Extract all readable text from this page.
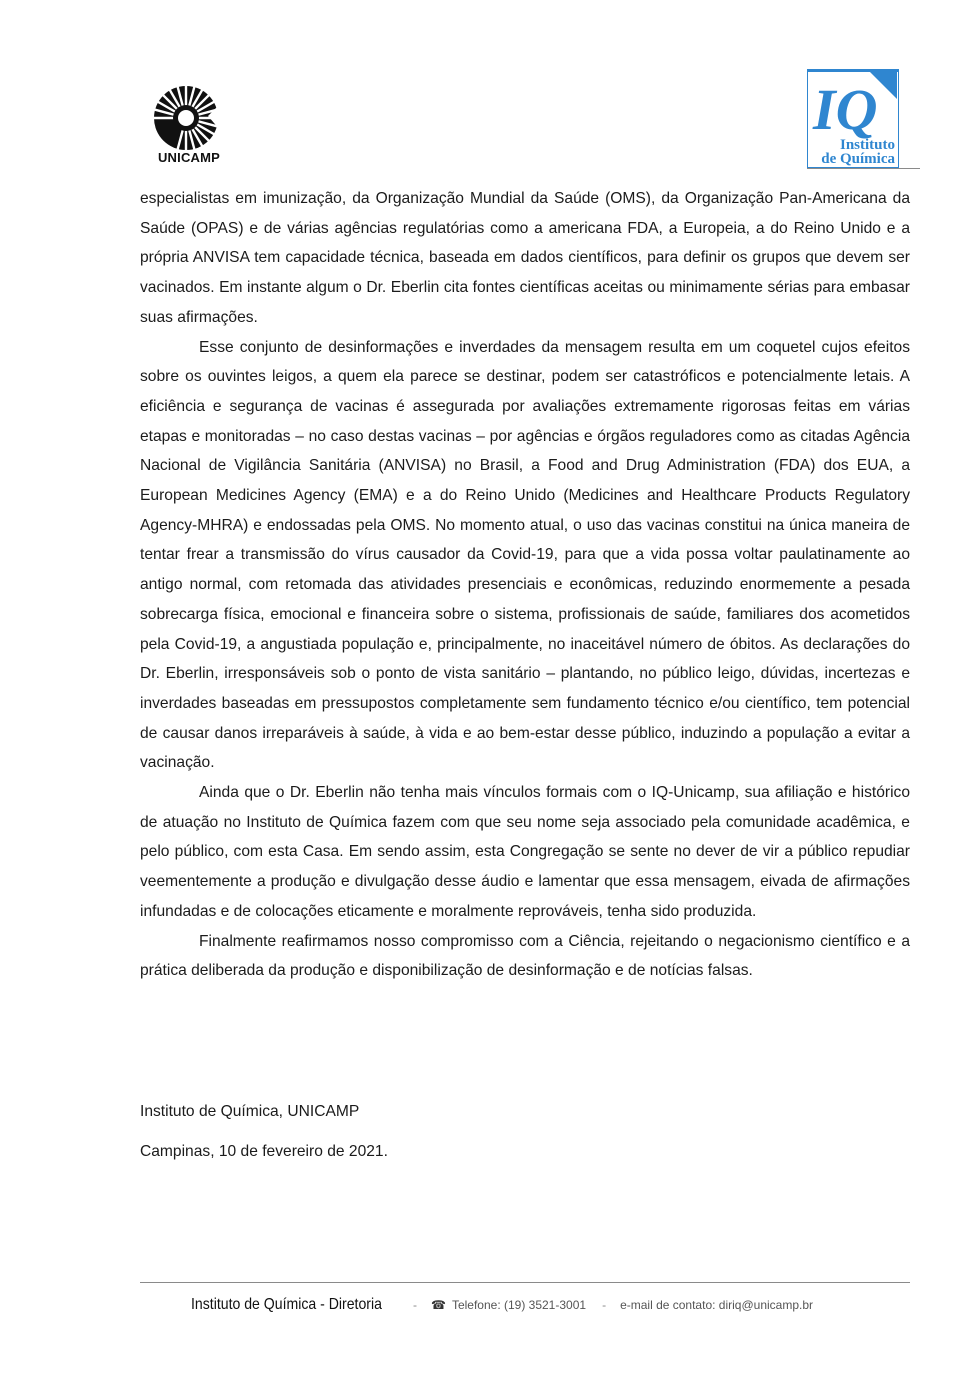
UNICAMP
IQ
Instituto
de Química

especialistas em imunização, da Organização Mundial da Saúde (OMS), da Organização Pan-Americana da Saúde (OPAS) e de várias agências regulatórias como a americana FDA, a Europeia, a do Reino Unido e a própria ANVISA tem capacidade técnica, baseada em dados científicos, para definir os grupos que devem ser vacinados. Em instante algum o Dr. Eberlin cita fontes científicas aceitas ou minimamente sérias para embasar suas afirmações.

Esse conjunto de desinformações e inverdades da mensagem resulta em um coquetel cujos efeitos sobre os ouvintes leigos, a quem ela parece se destinar, podem ser catastróficos e potencialmente letais. A eficiência e segurança de vacinas é assegurada por avaliações extremamente rigorosas feitas em várias etapas e monitoradas – no caso destas vacinas – por agências e órgãos reguladores como as citadas Agência Nacional de Vigilância Sanitária (ANVISA) no Brasil, a Food and Drug Administration (FDA) dos EUA, a European Medicines Agency (EMA) e a do Reino Unido (Medicines and Healthcare Products Regulatory Agency-MHRA) e endossadas pela OMS. No momento atual, o uso das vacinas constitui na única maneira de tentar frear a transmissão do vírus causador da Covid-19, para que a vida possa voltar paulatinamente ao antigo normal, com retomada das atividades presenciais e econômicas, reduzindo enormemente a pesada sobrecarga física, emocional e financeira sobre o sistema, profissionais de saúde, familiares dos acometidos pela Covid-19, a angustiada população e, principalmente, no inaceitável número de óbitos. As declarações do Dr. Eberlin, irresponsáveis sob o ponto de vista sanitário – plantando, no público leigo, dúvidas, incertezas e inverdades baseadas em pressupostos completamente sem fundamento técnico e/ou científico, tem potencial de causar danos irreparáveis à saúde, à vida e ao bem-estar desse público, induzindo a população a evitar a vacinação.

Ainda que o Dr. Eberlin não tenha mais vínculos formais com o IQ-Unicamp, sua afiliação e histórico de atuação no Instituto de Química fazem com que seu nome seja associado pela comunidade acadêmica, e pelo público, com esta Casa. Em sendo assim, esta Congregação se sente no dever de vir a público repudiar veementemente a produção e divulgação desse áudio e lamentar que essa mensagem, eivada de afirmações infundadas e de colocações eticamente e moralmente reprováveis, tenha sido produzida.

Finalmente reafirmamos nosso compromisso com a Ciência, rejeitando o negacionismo científico e a prática deliberada da produção e disponibilização de desinformação e de notícias falsas.

Instituto de Química, UNICAMP
Campinas, 10 de fevereiro de 2021.
Instituto de Química - Diretoria	- ☎ Telefone: (19) 3521-3001 - e-mail de contato: diriq@unicamp.br
